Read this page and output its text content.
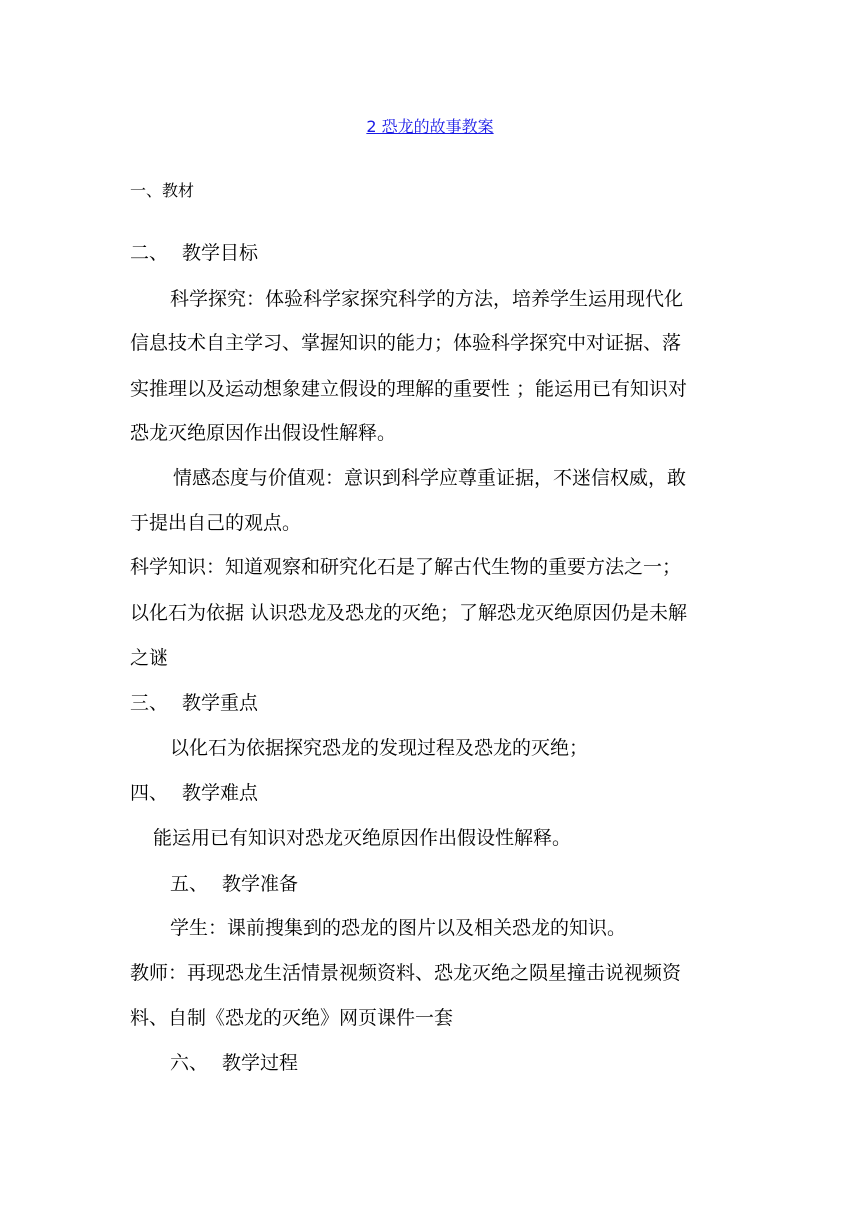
2 恐龙的故事教案
一、教材
二、 教学目标
科学探究：体验科学家探究科学的方法，培养学生运用现代化
信息技术自主学习、掌握知识的能力；体验科学探究中对证据、落
实推理以及运动想象建立假设的理解的重要性 ；能运用已有知识对
恐龙灭绝原因作出假设性解释。
情感态度与价值观：意识到科学应尊重证据，不迷信权威，敢
于提出自己的观点。
科学知识：知道观察和研究化石是了解古代生物的重要方法之一；
以化石为依据 认识恐龙及恐龙的灭绝；了解恐龙灭绝原因仍是未解
之谜
三、 教学重点
以化石为依据探究恐龙的发现过程及恐龙的灭绝；
四、 教学难点
能运用已有知识对恐龙灭绝原因作出假设性解释。
五、 教学准备
学生：课前搜集到的恐龙的图片以及相关恐龙的知识。
教师：再现恐龙生活情景视频资料、恐龙灭绝之陨星撞击说视频资
料、自制《恐龙的灭绝》网页课件一套
六、 教学过程
